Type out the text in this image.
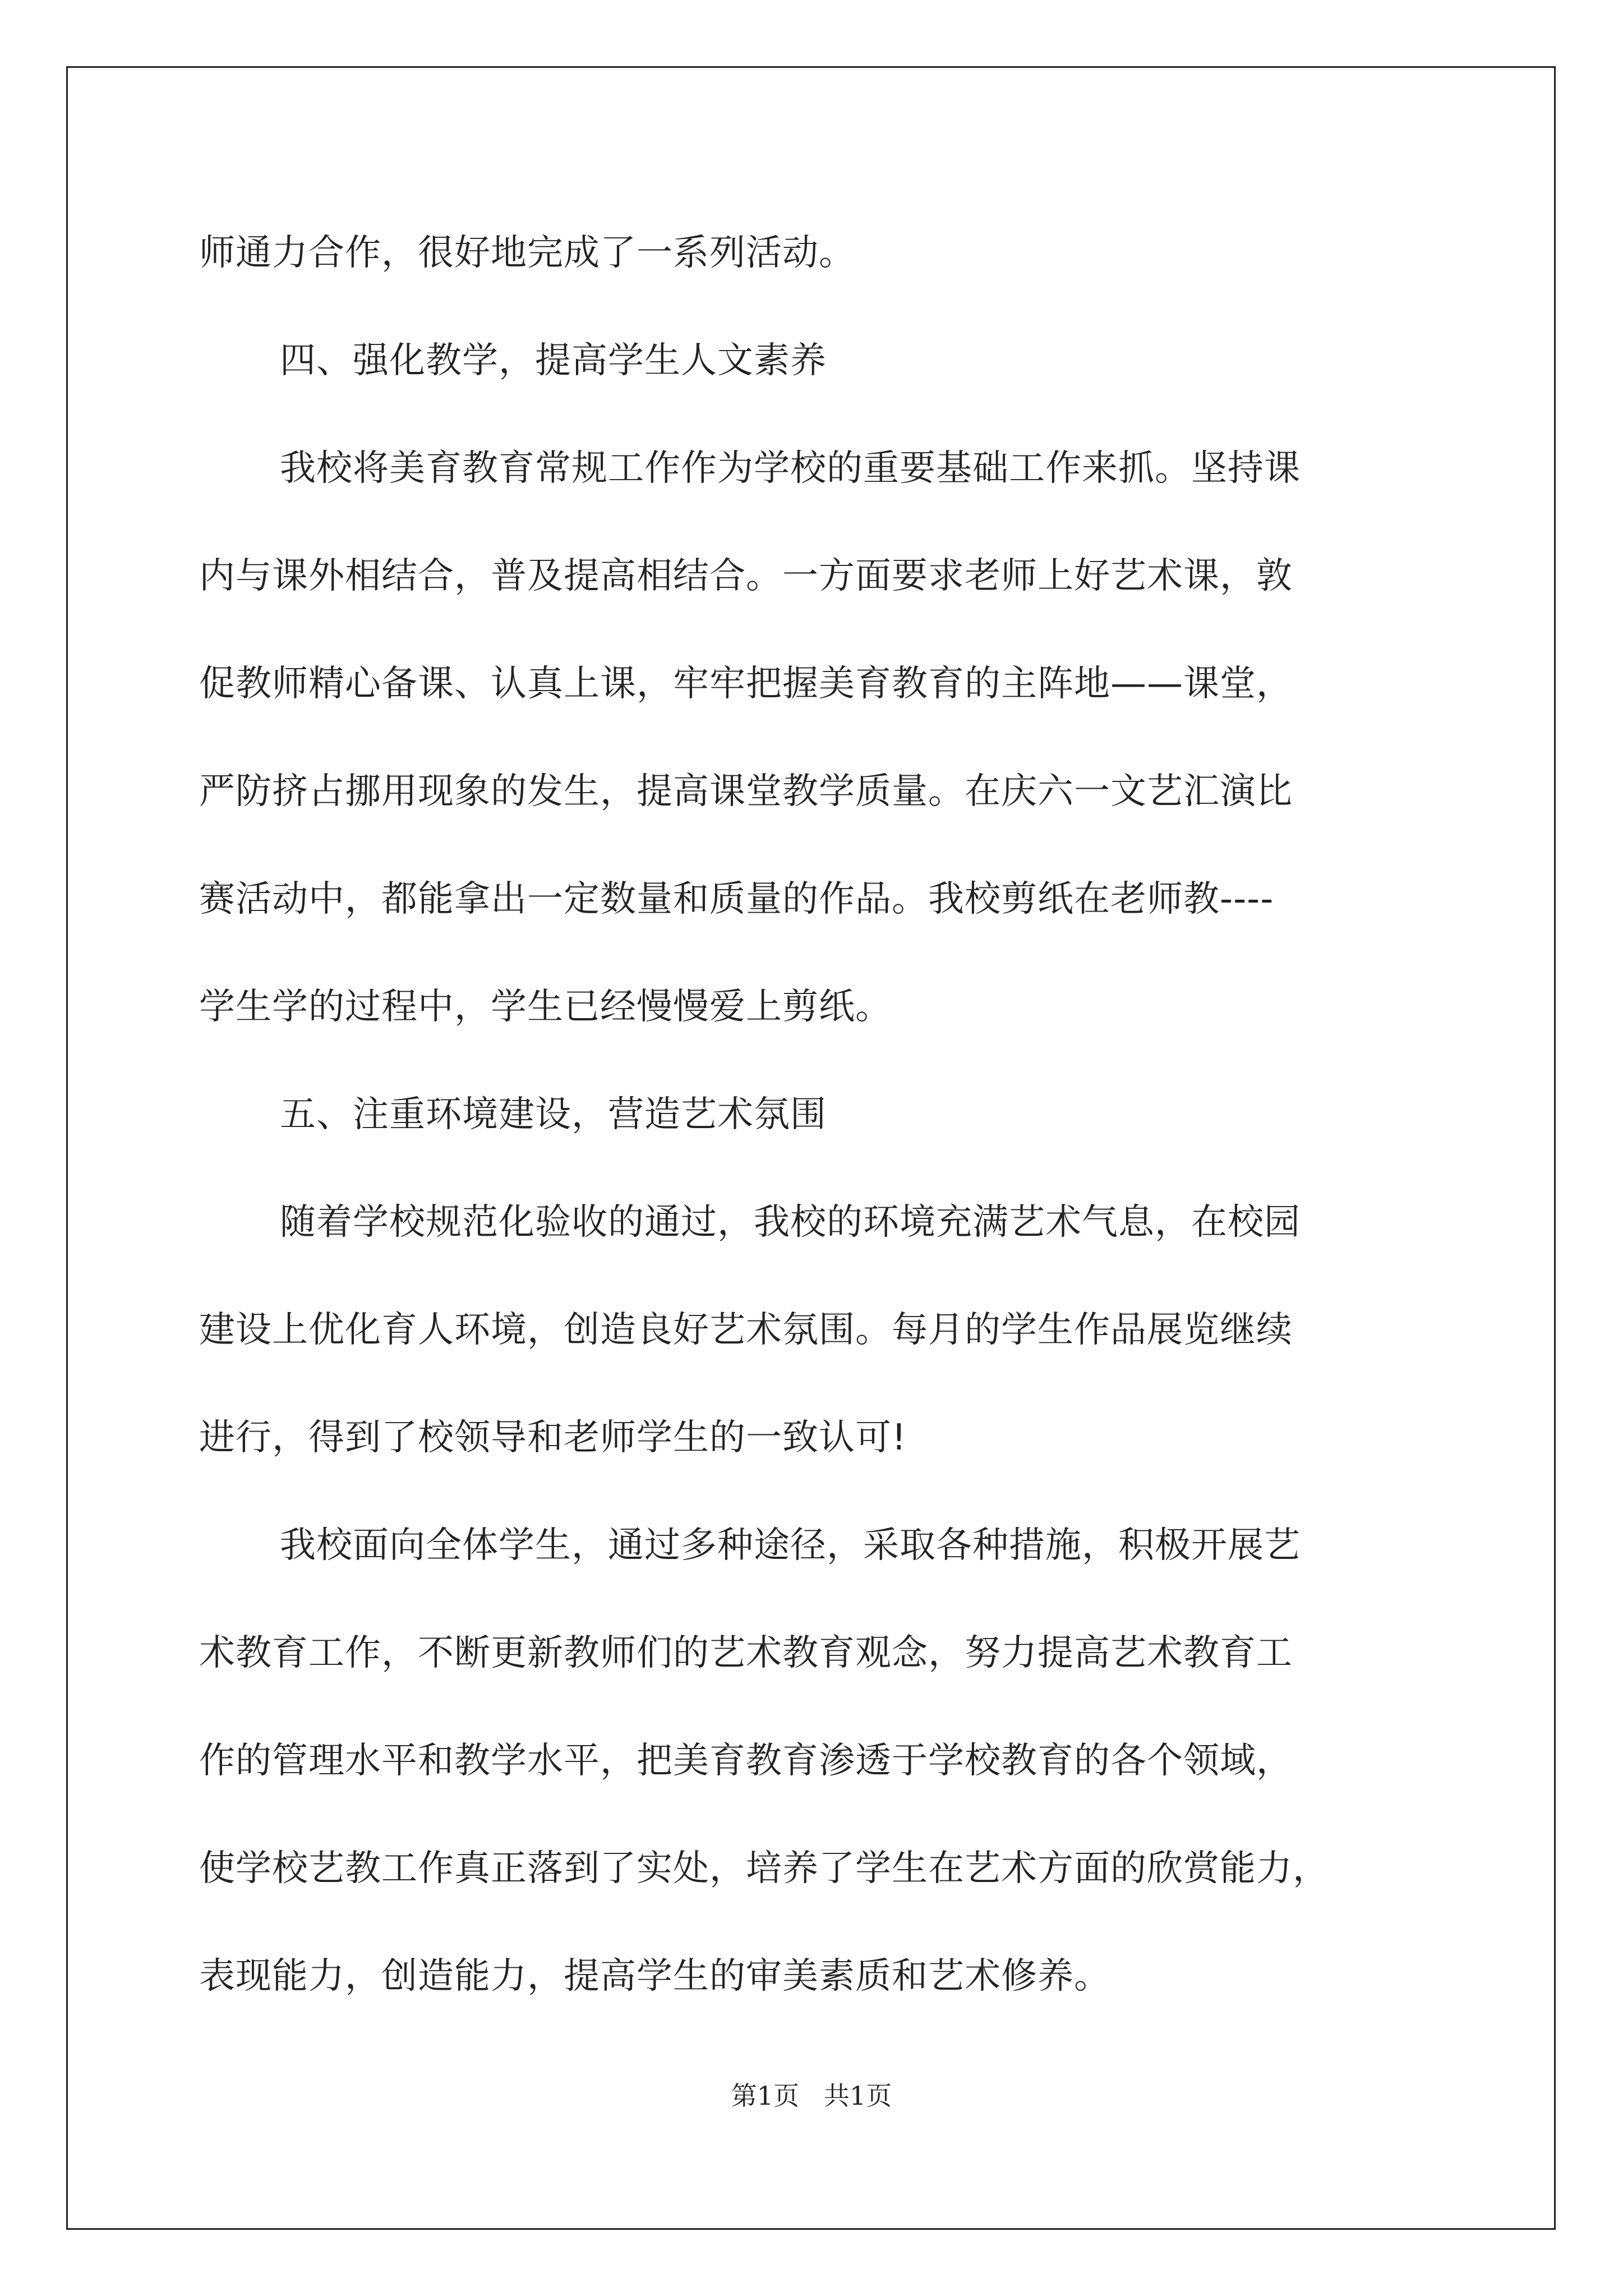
师通力合作，很好地完成了一系列活动。
四、强化教学，提高学生人文素养
我校将美育教育常规工作作为学校的重要基础工作来抓。坚持课
内与课外相结合，普及提高相结合。一方面要求老师上好艺术课，敦
促教师精心备课、认真上课，牢牢把握美育教育的主阵地——课堂，
严防挤占挪用现象的发生，提高课堂教学质量。在庆六一文艺汇演比
赛活动中，都能拿出一定数量和质量的作品。我校剪纸在老师教----
学生学的过程中，学生已经慢慢爱上剪纸。
五、注重环境建设，营造艺术氛围
随着学校规范化验收的通过，我校的环境充满艺术气息，在校园
建设上优化育人环境，创造良好艺术氛围。每月的学生作品展览继续
进行，得到了校领导和老师学生的一致认可!
我校面向全体学生，通过多种途径，采取各种措施，积极开展艺
术教育工作，不断更新教师们的艺术教育观念，努力提高艺术教育工
作的管理水平和教学水平，把美育教育渗透于学校教育的各个领域，
使学校艺教工作真正落到了实处，培养了学生在艺术方面的欣赏能力，
表现能力，创造能力，提高学生的审美素质和艺术修养。
第1页   共1页
